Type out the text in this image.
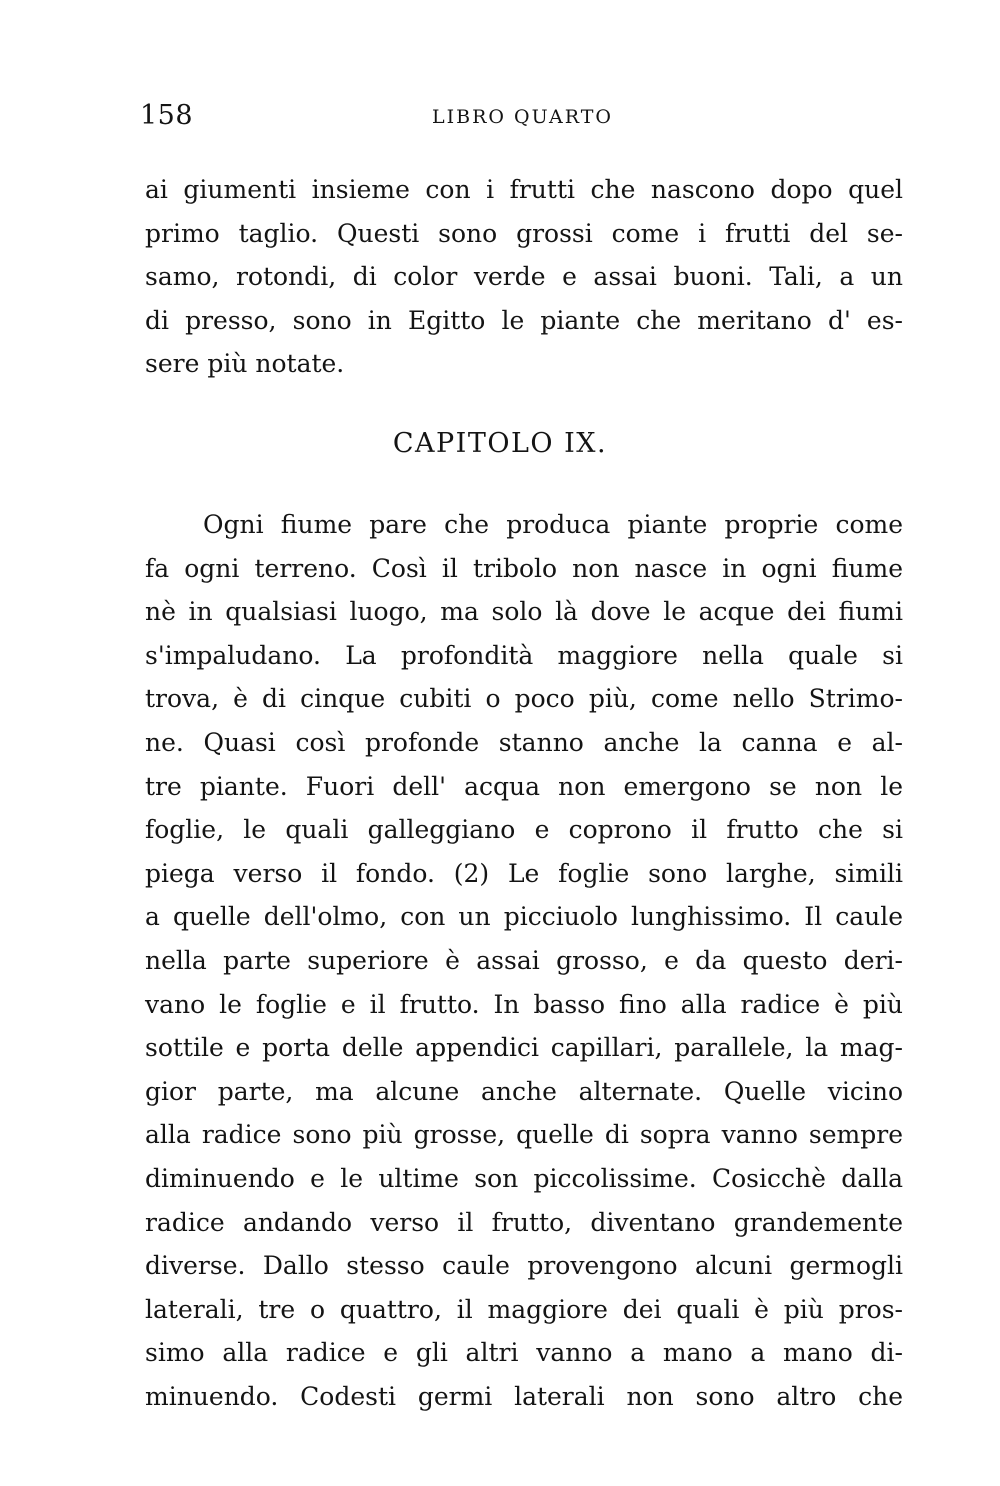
158	LIBRO QUARTO
ai giumenti insieme con i frutti che nascono dopo quel
primo taglio. Questi sono grossi come i frutti del se-
samo, rotondi, di color verde e assai buoni. Tali, a un
di presso, sono in Egitto le piante che meritano d' es-
sere più notate.
CAPITOLO IX.
Ogni fiume pare che produca piante proprie come
fa ogni terreno. Così il tribolo non nasce in ogni fiume
nè in qualsiasi luogo, ma solo là dove le acque dei fiumi
s'impaludano. La profondità maggiore nella quale si
trova, è di cinque cubiti o poco più, come nello Strimo-
ne. Quasi così profonde stanno anche la canna e al-
tre piante. Fuori dell' acqua non emergono se non le
foglie, le quali galleggiano e coprono il frutto che si
piega verso il fondo. (2) Le foglie sono larghe, simili
a quelle dell'olmo, con un picciuolo lunghissimo. Il caule
nella parte superiore è assai grosso, e da questo deri-
vano le foglie e il frutto. In basso fino alla radice è più
sottile e porta delle appendici capillari, parallele, la mag-
gior parte, ma alcune anche alternate. Quelle vicino
alla radice sono più grosse, quelle di sopra vanno sempre
diminuendo e le ultime son piccolissime. Cosicchè dalla
radice andando verso il frutto, diventano grandemente
diverse. Dallo stesso caule provengono alcuni germogli
laterali, tre o quattro, il maggiore dei quali è più pros-
simo alla radice e gli altri vanno a mano a mano di-
minuendo. Codesti germi laterali non sono altro che
